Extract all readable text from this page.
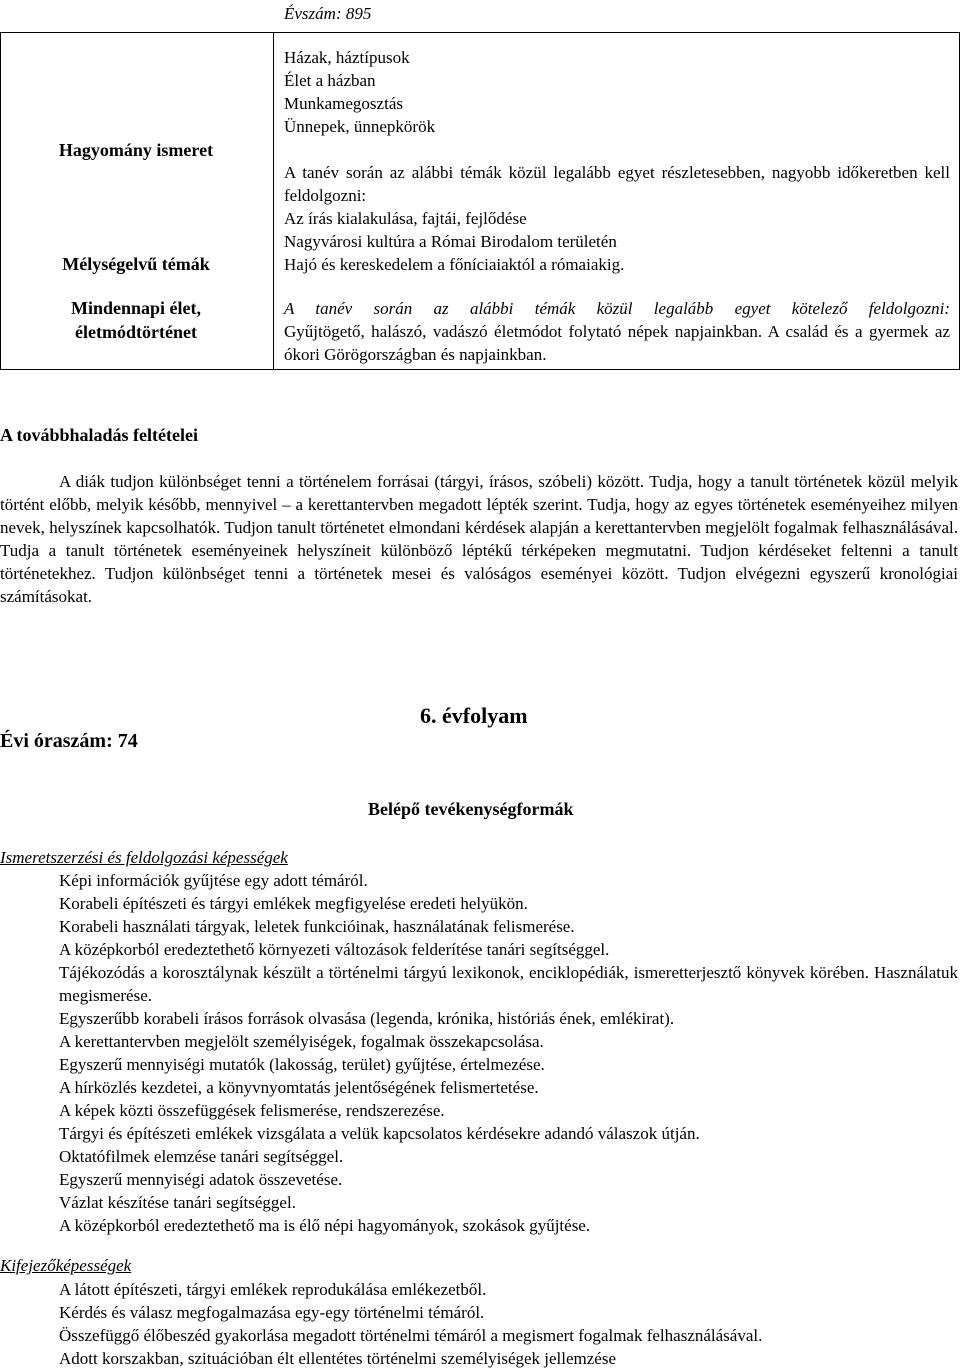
Évszám: 895
Hagyomány ismeret
Mélységelvű témák
Mindennapi élet,
életmódtörténet
Házak, háztípusok
Élet a házban
Munkamegosztás
Ünnepek, ünnepkörök
A tanév során az alábbi témák közül legalább egyet részletesebben, nagyobb időkeretben kell feldolgozni:
Az írás kialakulása, fajtái, fejlődése
Nagyvárosi kultúra a Római Birodalom területén
Hajó és kereskedelem a főníciaiaktól a rómaiakig.
A tanév során az alábbi témák közül legalább egyet kötelező feldolgozni:
Gyűjtögető, halászó, vadászó életmódot folytató népek napjainkban. A család és a gyermek az ókori Görögországban és napjainkban.
A továbbhaladás feltételei

A diák tudjon különbséget tenni a történelem forrásai (tárgyi, írásos, szóbeli) között. Tudja, hogy a tanult történetek közül melyik történt előbb, melyik később, mennyivel – a kerettantervben megadott lépték szerint. Tudja, hogy az egyes történetek eseményeihez milyen nevek, helyszínek kapcsolhatók. Tudjon tanult történetet elmondani kérdések alapján a kerettantervben megjelölt fogalmak felhasználásával. Tudja a tanult történetek eseményeinek helyszíneit különböző léptékű térképeken megmutatni. Tudjon kérdéseket feltenni a tanult történetekhez. Tudjon különbséget tenni a történetek mesei és valóságos eseményei között. Tudjon elvégezni egyszerű kronológiai számításokat.

Évi óraszám: 74
6. évfolyam
Belépő tevékenységformák
Ismeretszerzési és feldolgozási képességek
Képi információk gyűjtése egy adott témáról.
Korabeli építészeti és tárgyi emlékek megfigyelése eredeti helyükön.
Korabeli használati tárgyak, leletek funkcióinak, használatának felismerése.
A középkorból eredeztethető környezeti változások felderítése tanári segítséggel.
Tájékozódás a korosztálynak készült a történelmi tárgyú lexikonok, enciklopédiák, ismeretterjesztő könyvek körében. Használatuk megismerése.
Egyszerűbb korabeli írásos források olvasása (legenda, krónika, históriás ének, emlékirat).
A kerettantervben megjelölt személyiségek, fogalmak összekapcsolása.
Egyszerű mennyiségi mutatók (lakosság, terület) gyűjtése, értelmezése.
A hírközlés kezdetei, a könyvnyomtatás jelentőségének felismertetése.
A képek közti összefüggések felismerése, rendszerezése.
Tárgyi és építészeti emlékek vizsgálata a velük kapcsolatos kérdésekre adandó válaszok útján.
Oktatófilmek elemzése tanári segítséggel.
Egyszerű mennyiségi adatok összevetése.
Vázlat készítése tanári segítséggel.
A középkorból eredeztethető ma is élő népi hagyományok, szokások gyűjtése.
Kifejezőképességek
A látott építészeti, tárgyi emlékek reprodukálása emlékezetből.
Kérdés és válasz megfogalmazása egy-egy történelmi témáról.
Összefüggő élőbeszéd gyakorlása megadott történelmi témáról a megismert fogalmak felhasználásával.
Adott korszakban, szituációban élt ellentétes történelmi személyiségek jellemzése
